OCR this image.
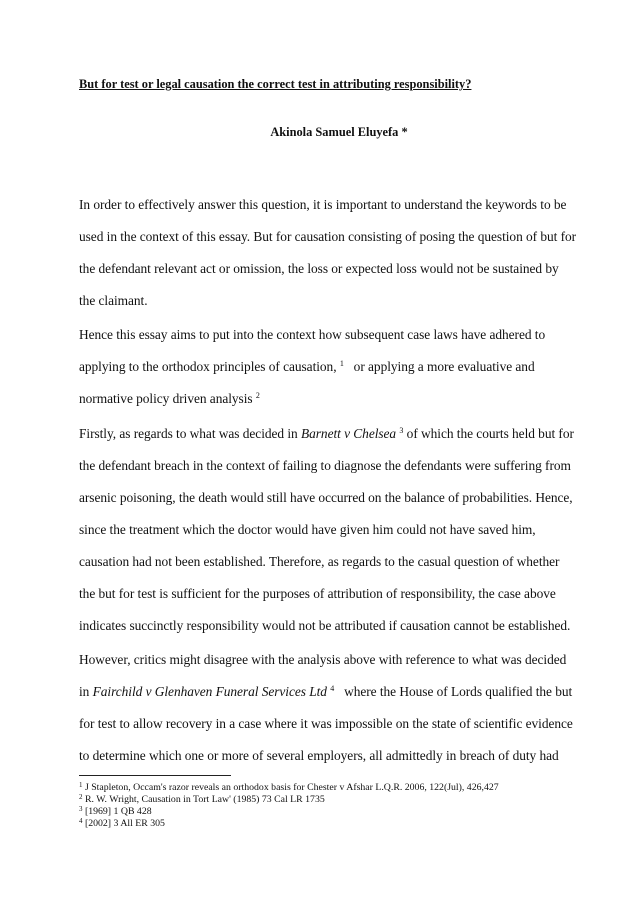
But for test or legal causation the correct test in attributing responsibility?
Akinola Samuel Eluyefa *
In order to effectively answer this question, it is important to understand the keywords to be
used in the context of this essay. But for causation consisting of posing the question of but for
the defendant relevant act or omission, the loss or expected loss would not be sustained by
the claimant.
Hence this essay aims to put into the context how subsequent case laws have adhered to
applying to the orthodox principles of causation, $^1$ or applying a more evaluative and
normative policy driven analysis $^2$
Firstly, as regards to what was decided in Barnett v Chelsea $^3$ of which the courts held but for
the defendant breach in the context of failing to diagnose the defendants were suffering from
arsenic poisoning, the death would still have occurred on the balance of probabilities. Hence,
since the treatment which the doctor would have given him could not have saved him,
causation had not been established. Therefore, as regards to the casual question of whether
the but for test is sufficient for the purposes of attribution of responsibility, the case above
indicates succinctly responsibility would not be attributed if causation cannot be established.
However, critics might disagree with the analysis above with reference to what was decided
in Fairchild v Glenhaven Funeral Services Ltd $^4$ where the House of Lords qualified the but
for test to allow recovery in a case where it was impossible on the state of scientific evidence
to determine which one or more of several employers, all admittedly in breach of duty had
$^1$ J Stapleton, Occam's razor reveals an orthodox basis for Chester v Afshar L.Q.R. 2006, 122(Jul), 426,427
$^2$ R. W. Wright, Causation in Tort Law' (1985) 73 Cal LR 1735
$^3$ [1969] 1 QB 428
$^4$ [2002] 3 All ER 305
